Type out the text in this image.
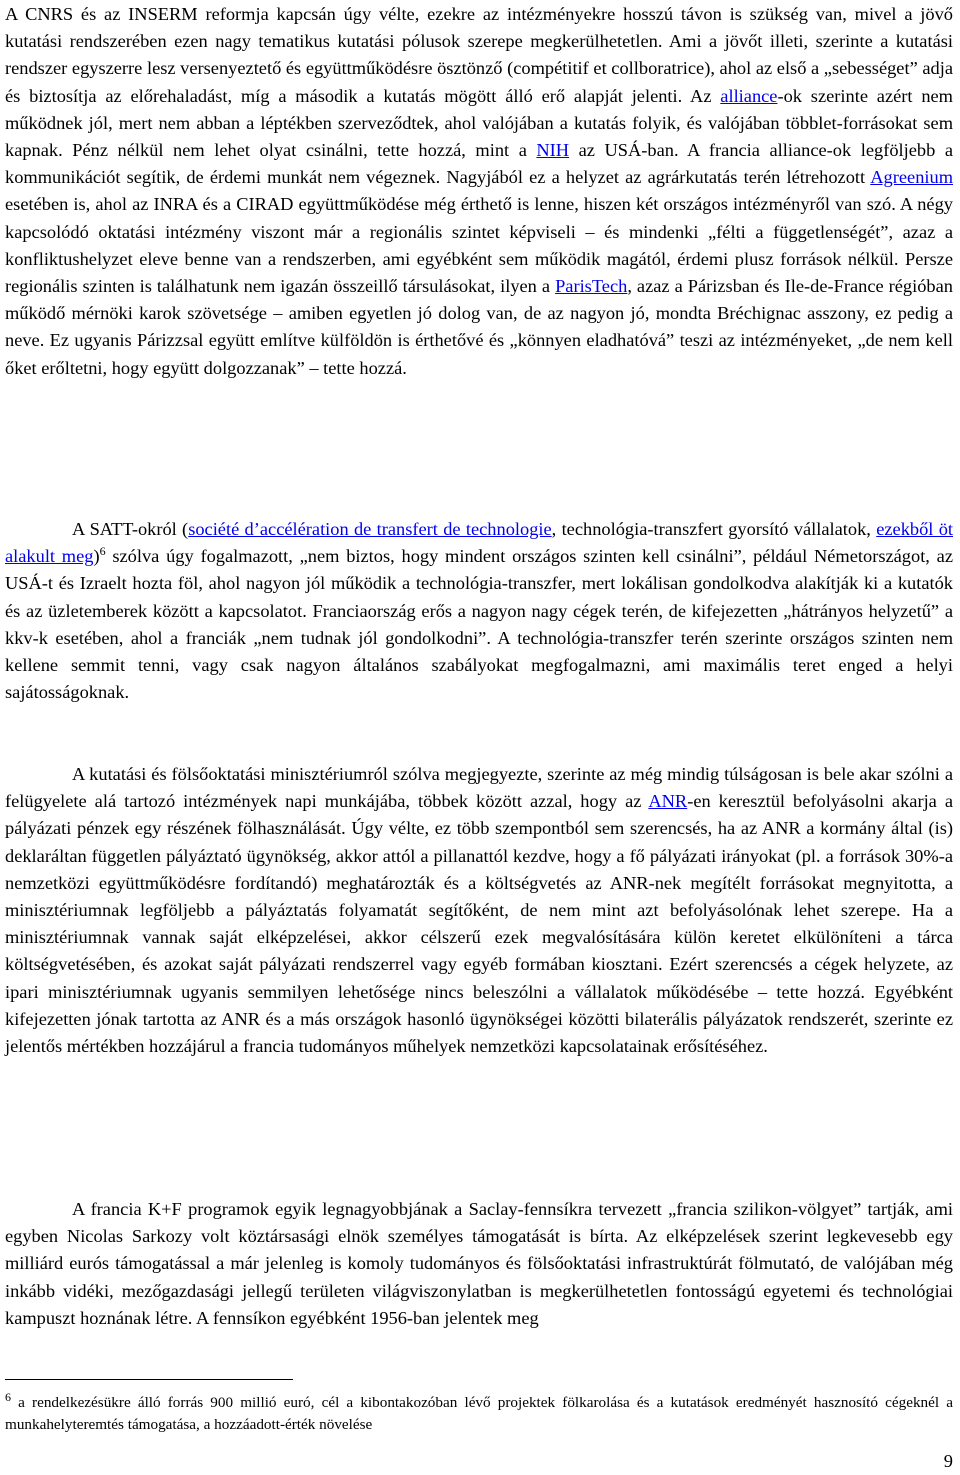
A CNRS és az INSERM reformja kapcsán úgy vélte, ezekre az intézményekre hosszú távon is szükség van, mivel a jövő kutatási rendszerében ezen nagy tematikus kutatási pólusok szerepe megkerülhetetlen. Ami a jövőt illeti, szerinte a kutatási rendszer egyszerre lesz versenyeztető és együttműködésre ösztönző (compétitif et collboratrice), ahol az első a „sebességet” adja és biztosítja az előrehaladást, míg a második a kutatás mögött álló erő alapját jelenti. Az alliance-ok szerinte azért nem működnek jól, mert nem abban a léptékben szerveződtek, ahol valójában a kutatás folyik, és valójában többlet-forrásokat sem kapnak. Pénz nélkül nem lehet olyat csinálni, tette hozzá, mint a NIH az USÁ-ban. A francia alliance-ok legföljebb a kommunikációt segítik, de érdemi munkát nem végeznek. Nagyjából ez a helyzet az agrárkutatás terén létrehozott Agreenium esetében is, ahol az INRA és a CIRAD együttműködése még érthető is lenne, hiszen két országos intézményről van szó. A négy kapcsolódó oktatási intézmény viszont már a regionális szintet képviseli – és mindenki „félti a függetlenségét”, azaz a konfliktushelyzet eleve benne van a rendszerben, ami egyébként sem működik magától, érdemi plusz források nélkül. Persze regionális szinten is találhatunk nem igazán összeillő társulásokat, ilyen a ParisTech, azaz a Párizsban és Ile-de-France régióban működő mérnöki karok szövetsége – amiben egyetlen jó dolog van, de az nagyon jó, mondta Bréchignac asszony, ez pedig a neve. Ez ugyanis Párizzsal együtt említve külföldön is érthetővé és „könnyen eladhatóvá” teszi az intézményeket, „de nem kell őket erőltetni, hogy együtt dolgozzanak” – tette hozzá.

A SATT-okról (société d’accélération de transfert de technologie, technológia-transzfert gyorsító vállalatok, ezekből öt alakult meg)$^6$ szólva úgy fogalmazott, „nem biztos, hogy mindent országos szinten kell csinálni”, például Németországot, az USÁ-t és Izraelt hozta föl, ahol nagyon jól működik a technológia-transzfer, mert lokálisan gondolkodva alakítják ki a kutatók és az üzletemberek között a kapcsolatot. Franciaország erős a nagyon nagy cégek terén, de kifejezetten „hátrányos helyzetű” a kkv-k esetében, ahol a franciák „nem tudnak jól gondolkodni”. A technológia-transzfer terén szerinte országos szinten nem kellene semmit tenni, vagy csak nagyon általános szabályokat megfogalmazni, ami maximális teret enged a helyi sajátosságoknak.

A kutatási és fölsőoktatási minisztériumról szólva megjegyezte, szerinte az még mindig túlságosan is bele akar szólni a felügyelete alá tartozó intézmények napi munkájába, többek között azzal, hogy az ANR-en keresztül befolyásolni akarja a pályázati pénzek egy részének fölhasználását. Úgy vélte, ez több szempontból sem szerencsés, ha az ANR a kormány által (is) deklaráltan független pályáztató ügynökség, akkor attól a pillanattól kezdve, hogy a fő pályázati irányokat (pl. a források 30%-a nemzetközi együttműködésre fordítandó) meghatározták és a költségvetés az ANR-nek megítélt forrásokat megnyitotta, a minisztériumnak legföljebb a pályáztatás folyamatát segítőként, de nem mint azt befolyásolónak lehet szerepe. Ha a minisztériumnak vannak saját elképzelései, akkor célszerű ezek megvalósítására külön keretet elkülöníteni a tárca költségvetésében, és azokat saját pályázati rendszerrel vagy egyéb formában kiosztani. Ezért szerencsés a cégek helyzete, az ipari minisztériumnak ugyanis semmilyen lehetősége nincs beleszólni a vállalatok működésébe – tette hozzá. Egyébként kifejezetten jónak tartotta az ANR és a más országok hasonló ügynökségei közötti bilaterális pályázatok rendszerét, szerinte ez jelentős mértékben hozzájárul a francia tudományos műhelyek nemzetközi kapcsolatainak erősítéséhez.

A francia K+F programok egyik legnagyobbjának a Saclay-fennsíkra tervezett „francia szilikon-völgyet” tartják, ami egyben Nicolas Sarkozy volt köztársasági elnök személyes támogatását is bírta. Az elképzelések szerint legkevesebb egy milliárd eurós támogatással a már jelenleg is komoly tudományos és fölsőoktatási infrastruktúrát fölmutató, de valójában még inkább vidéki, mezőgazdasági jellegű területen világviszonylatban is megkerülhetetlen fontosságú egyetemi és technológiai kampuszt hoznának létre. A fennsíkon egyébként 1956-ban jelentek meg

$^6$ a rendelkezésükre álló forrás 900 millió euró, cél a kibontakozóban lévő projektek fölkarolása és a kutatások eredményét hasznosító cégeknél a munkahelyteremtés támogatása, a hozzáadott-érték növelése

9
